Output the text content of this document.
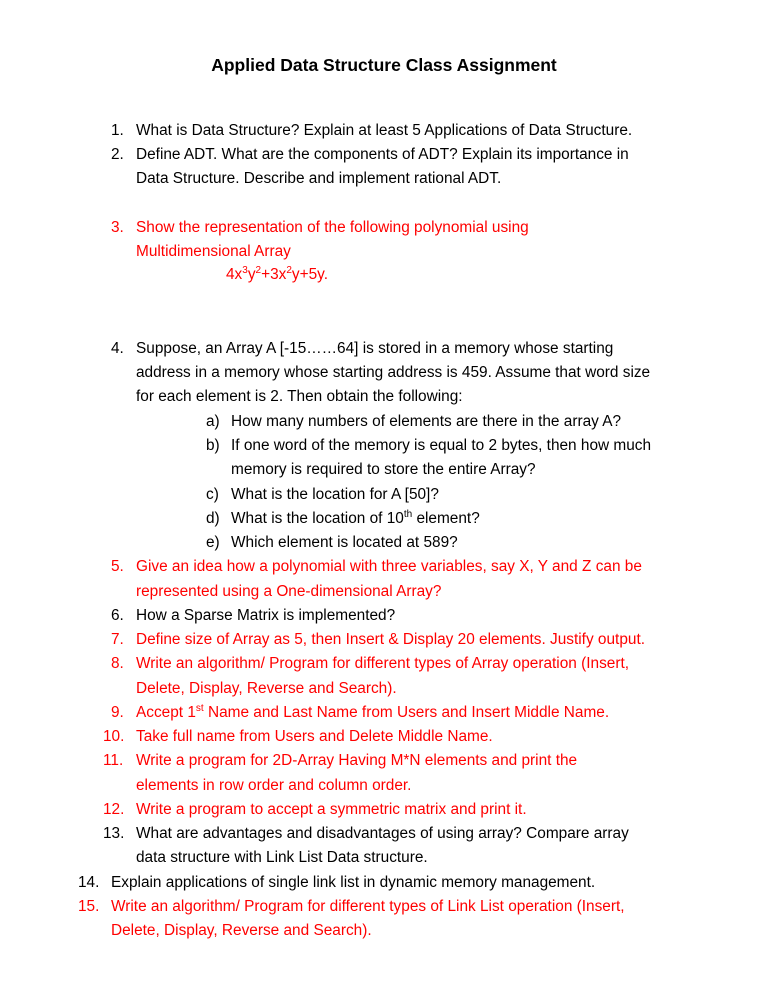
Applied Data Structure Class Assignment
1. What is Data Structure? Explain at least 5 Applications of Data Structure.
2. Define ADT. What are the components of ADT? Explain its importance in
Data Structure. Describe and implement rational ADT.
3. Show the representation of the following polynomial using
Multidimensional Array
$4x^3y^2+3x^2y+5y$.
4. Suppose, an Array A [-15……64] is stored in a memory whose starting
address in a memory whose starting address is 459. Assume that word size
for each element is 2. Then obtain the following:
a) How many numbers of elements are there in the array A?
b) If one word of the memory is equal to 2 bytes, then how much
memory is required to store the entire Array?
c) What is the location for A [50]?
d) What is the location of 10th element?
e) Which element is located at 589?
5. Give an idea how a polynomial with three variables, say X, Y and Z can be
represented using a One-dimensional Array?
6. How a Sparse Matrix is implemented?
7. Define size of Array as 5, then Insert & Display 20 elements. Justify output.
8. Write an algorithm/ Program for different types of Array operation (Insert,
Delete, Display, Reverse and Search).
9. Accept 1st Name and Last Name from Users and Insert Middle Name.
10. Take full name from Users and Delete Middle Name.
11. Write a program for 2D-Array Having M*N elements and print the
elements in row order and column order.
12. Write a program to accept a symmetric matrix and print it.
13. What are advantages and disadvantages of using array? Compare array
data structure with Link List Data structure.
14. Explain applications of single link list in dynamic memory management.
15. Write an algorithm/ Program for different types of Link List operation (Insert,
Delete, Display, Reverse and Search).
